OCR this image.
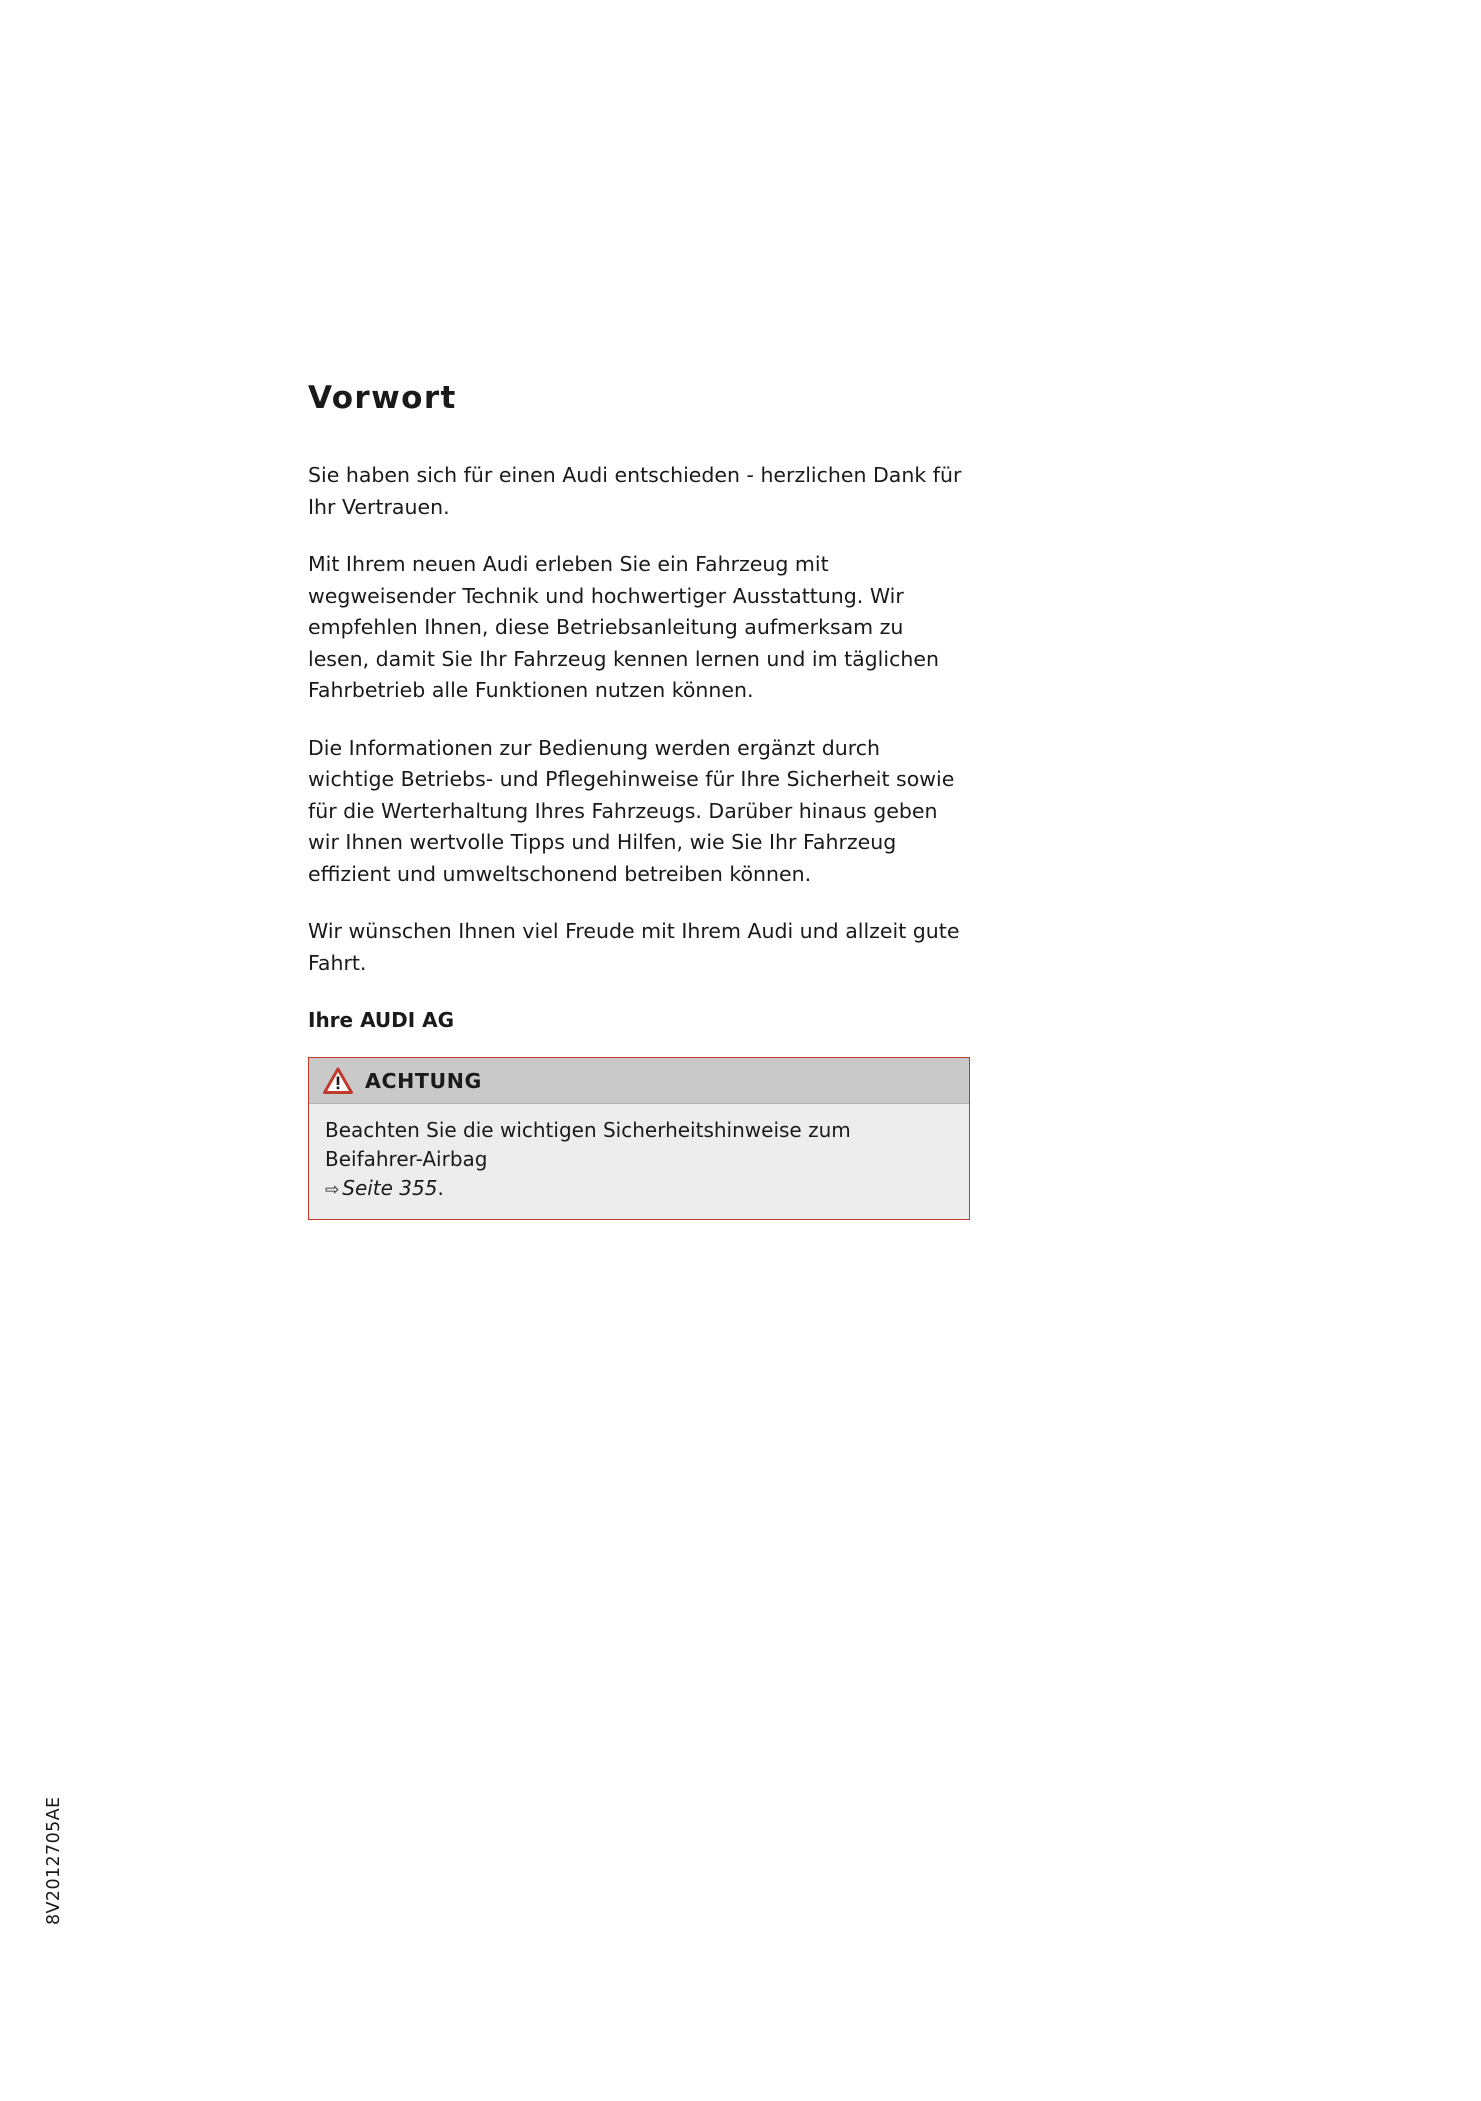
8V2012705AE
Vorwort

Sie haben sich für einen Audi entschieden - herzlichen Dank für Ihr Vertrauen.

Mit Ihrem neuen Audi erleben Sie ein Fahrzeug mit wegweisender Technik und hochwertiger Ausstattung. Wir empfehlen Ihnen, diese Betriebsanleitung aufmerksam zu lesen, damit Sie Ihr Fahrzeug kennen lernen und im täglichen Fahrbetrieb alle Funktionen nutzen können.

Die Informationen zur Bedienung werden ergänzt durch wichtige Betriebs- und Pflegehinweise für Ihre Sicherheit sowie für die Werterhaltung Ihres Fahrzeugs. Darüber hinaus geben wir Ihnen wertvolle Tipps und Hilfen, wie Sie Ihr Fahrzeug effizient und umweltschonend betreiben können.

Wir wünschen Ihnen viel Freude mit Ihrem Audi und allzeit gute Fahrt.

Ihre AUDI AG

ACHTUNG
Beachten Sie die wichtigen Sicherheitshinweise zum Beifahrer-Airbag
⇨ Seite 355.
